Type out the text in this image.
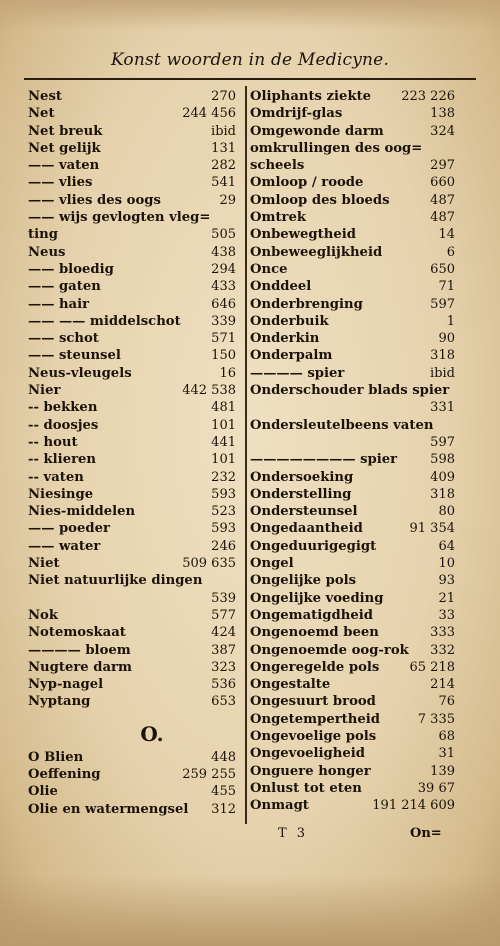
Konst woorden in de Medicyne.
Nest	270
Net	244 456
Net breuk	ibid
Net gelijk	131
—— vaten	282
—— vlies	541
—— vlies des oogs	29
—— wijs gevlogten vleg=
ting	505
Neus	438
—— bloedig	294
—— gaten	433
—— hair	646
—— —— middelschot 339
—— schot	571
—— steunsel	150
Neus-vleugels	16
Nier	442 538
-- bekken	481
-- doosjes	101
-- hout	441
-- klieren	101
-- vaten	232
Niesinge	593
Nies-middelen	523
—— poeder	593
—— water	246
Niet	509 635
Niet natuurlijke dingen
539
Nok	577
Notemoskaat	424
———— bloem	387
Nugtere darm	323
Nyp-nagel	536
Nyptang	653
O.
O Blien	448
Oeffening	259 255
Olie	455
Olie en watermengsel 312
Oliphants ziekte 223 226
Omdrijf-glas	138
Omgewonde darm	324
omkrullingen des oog=
scheels	297
Omloop / roode	660
Omloop des bloeds	487
Omtrek	487
Onbewegtheid	14
Onbeweeglijkheid	6
Once	650
Onddeel	71
Onderbrenging	597
Onderbuik	1
Onderkin	90
Onderpalm	318
———— spier	ibid
Onderschouder blads spier
331
Ondersleutelbeens vaten
597
———————— spier	598
Ondersoeking	409
Onderstelling	318
Ondersteunsel	80
Ongedaantheid	91 354
Ongeduurigegigt	64
Ongel	10
Ongelijke pols	93
Ongelijke voeding	21
Ongematigdheid	33
Ongenoemd been	333
Ongenoemde oog-rok 332
Ongeregelde pols 65 218
Ongestalte	214
Ongesuurt brood	76
Ongetempertheid	7 335
Ongevoelige pols	68
Ongevoeligheid	31
Onguere honger	139
Onlust tot eten	39 67
Onmagt	191 214 609
T 3	On=
